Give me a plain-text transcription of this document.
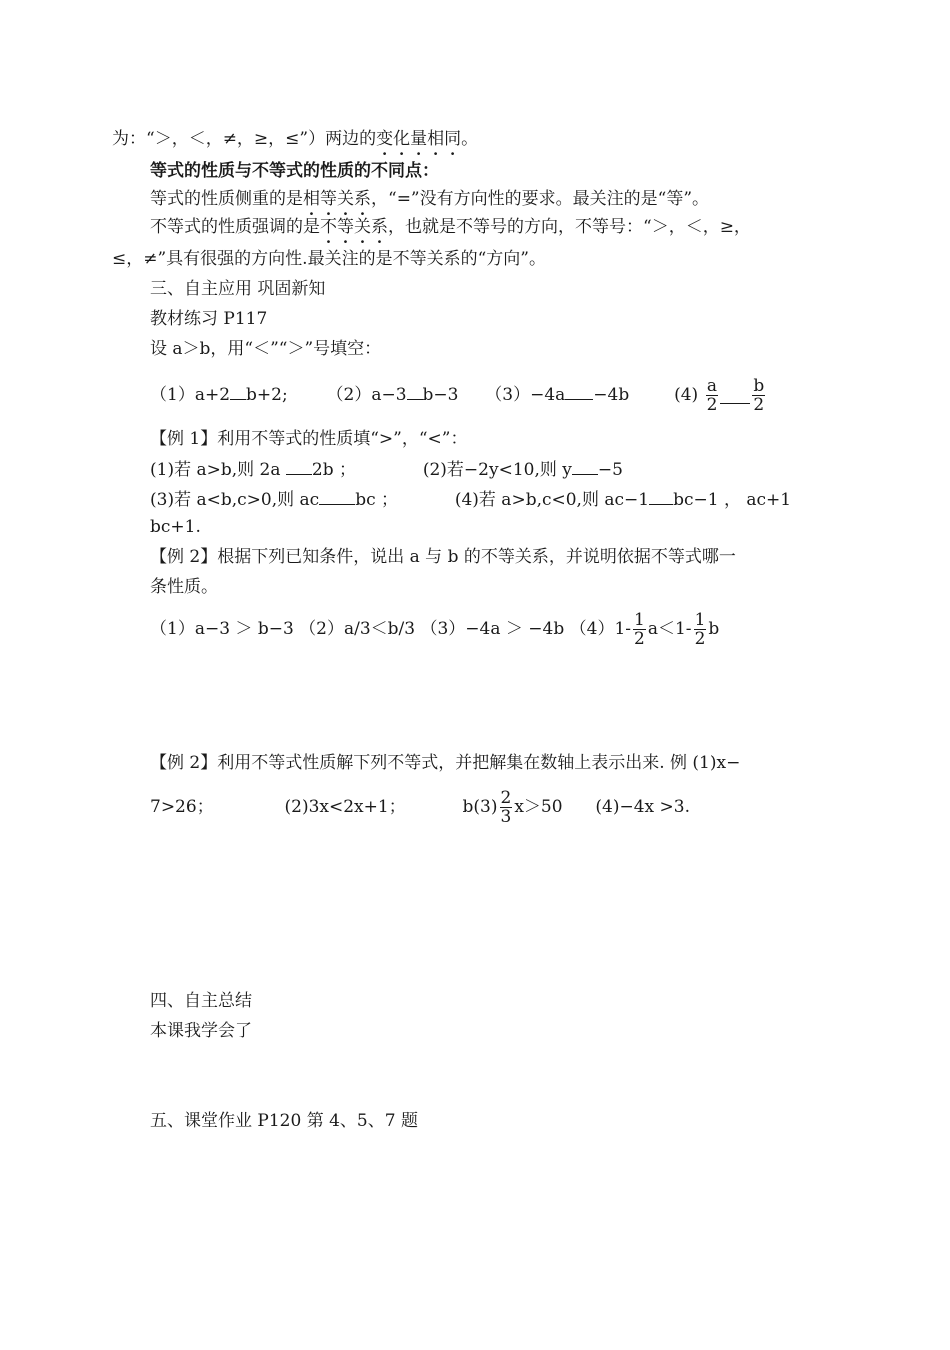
为：“＞，＜，≠，≥，≤”）两边的变化量相同。
等式的性质与不等式的性质的不同点：
等式的性质侧重的是相等关系，“=”没有方向性的要求。最关注的是“等”。
不等式的性质强调的是不等关系，也就是不等号的方向，不等号：“＞，＜，≥，
≤，≠”具有很强的方向性.最关注的是不等关系的“方向”。
三、自主应用 巩固新知
教材练习 P117
设 a＞b，用“＜”“＞”号填空：
（1）a+2 b+2; （2）a−3 b−3 （3）−4a −4b	$(4) \frac{a}{2} \frac{b}{2}$
【例 1】利用不等式的性质填“>”，“<”：
(1)若 a>b,则 2a 2b ；	(2)若−2y<10,则 y −5
(3)若 a<b,c>0,则 ac bc ；	(4)若 a>b,c<0,则 ac−1 bc−1 ， ac+1
bc+1.
【例 2】根据下列已知条件，说出 a 与 b 的不等关系，并说明依据不等式哪一
条性质。
（1）a−3 ＞ b−3 （2）a/3＜b/3 （3）−4a ＞ −4b $(4)1- \frac{1}{2} a<1- \frac{1}{2}$ b
【例 2】利用不等式性质解下列不等式，并把解集在数轴上表示出来. 例 (1)x−
7>26；	(2)3x<2x+1；	$b(3) \frac{2}{3} x>50$ (4)−4x >3.
四、自主总结
本课我学会了
五、课堂作业 P120 第 4、5、7 题
